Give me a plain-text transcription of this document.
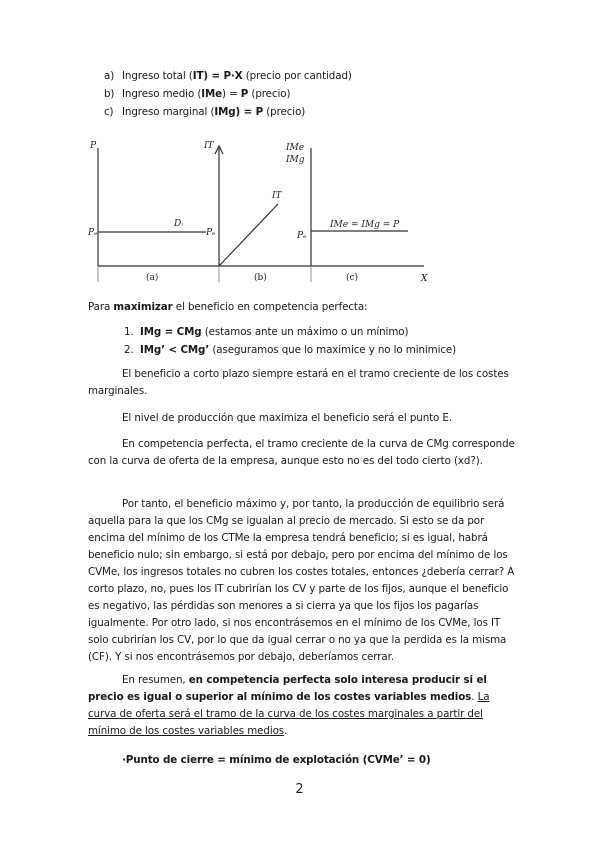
a) Ingreso total (IT) = P·X (precio por cantidad)
b) Ingreso medio (IMe) = P (precio)
c) Ingreso marginal (IMg) = P (precio)
P
Pₑ
Dᵢ
(a)
IT
Pₑ
IT
(b)
IMe
IMg
Pₑ
IMe = IMg = P
(c)	X
Para maximizar el beneficio en competencia perfecta:
1. IMg = CMg (estamos ante un máximo o un mínimo)
2. IMg’ < CMg’ (aseguramos que lo maximice y no lo minimice)

El beneficio a corto plazo siempre estará en el tramo creciente de los costes marginales.

El nivel de producción que maximiza el beneficio será el punto E.

En competencia perfecta, el tramo creciente de la curva de CMg corresponde con la curva de oferta de la empresa, aunque esto no es del todo cierto (xd?).

Por tanto, el beneficio máximo y, por tanto, la producción de equilibrio será aquella para la que los CMg se igualan al precio de mercado. Si esto se da por encima del mínimo de los CTMe la empresa tendrá beneficio; si es igual, habrá beneficio nulo; sin embargo, si está por debajo, pero por encima del mínimo de los CVMe, los ingresos totales no cubren los costes totales, entonces ¿debería cerrar? A corto plazo, no, pues los IT cubrirían los CV y parte de los fijos, aunque el beneficio es negativo, las pérdidas son menores a si cierra ya que los fijos los pagarías igualmente. Por otro lado, si nos encontrásemos en el mínimo de los CVMe, los IT solo cubrirían los CV, por lo que da igual cerrar o no ya que la perdida es la misma (CF). Y si nos encontrásemos por debajo, deberíamos cerrar.

En resumen, en competencia perfecta solo interesa producir si el precio es igual o superior al mínimo de los costes variables medios. La curva de oferta será el tramo de la curva de los costes marginales a partir del mínimo de los costes variables medios.

·Punto de cierre = mínimo de explotación (CVMe’ = 0)
2
